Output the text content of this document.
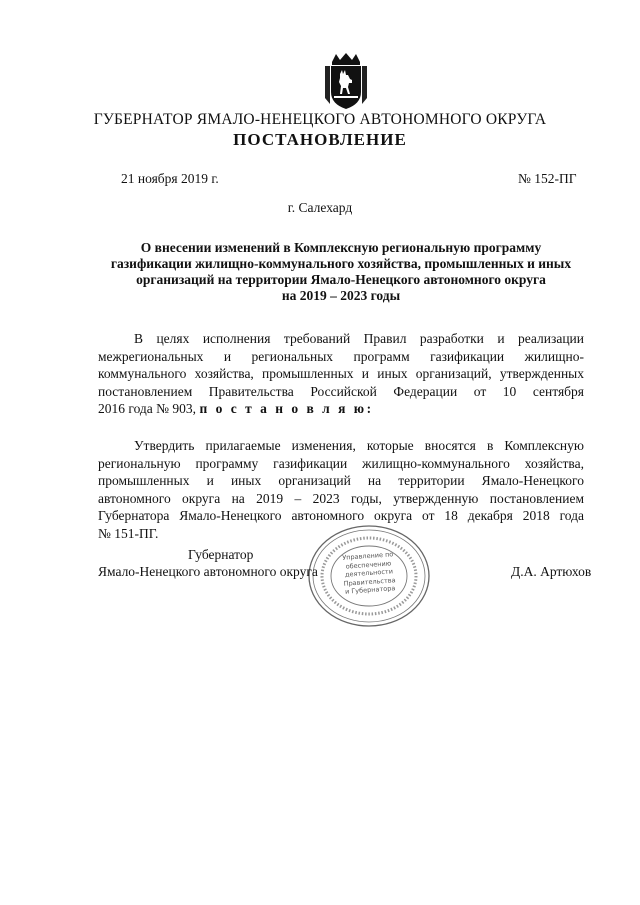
ГУБЕРНАТОР ЯМАЛО-НЕНЕЦКОГО АВТОНОМНОГО ОКРУГА
ПОСТАНОВЛЕНИЕ
21 ноября 2019 г.	№ 152-ПГ
г. Салехард
О внесении изменений в Комплексную региональную программу
газификации жилищно-коммунального хозяйства, промышленных и иных
организаций на территории Ямало-Ненецкого автономного округа
на 2019 – 2023 годы
В целях исполнения требований Правил разработки и реализации
межрегиональных и региональных программ газификации жилищно-
коммунального хозяйства, промышленных и иных организаций, утвержденных
постановлением Правительства Российской Федерации от 10 сентября
2016 года № 903, п о с т а н о в л я ю:
Утвердить прилагаемые изменения, которые вносятся в Комплексную
региональную программу газификации жилищно-коммунального хозяйства,
промышленных и иных организаций на территории Ямало-Ненецкого
автономного округа на 2019 – 2023 годы, утвержденную постановлением
Губернатора Ямало-Ненецкого автономного округа от 18 декабря 2018 года
№ 151-ПГ.
Управление по
обеспечению
деятельности
Правительства
и Губернатора
Губернатор
Ямало-Ненецкого автономного округа	Д.А. Артюхов
